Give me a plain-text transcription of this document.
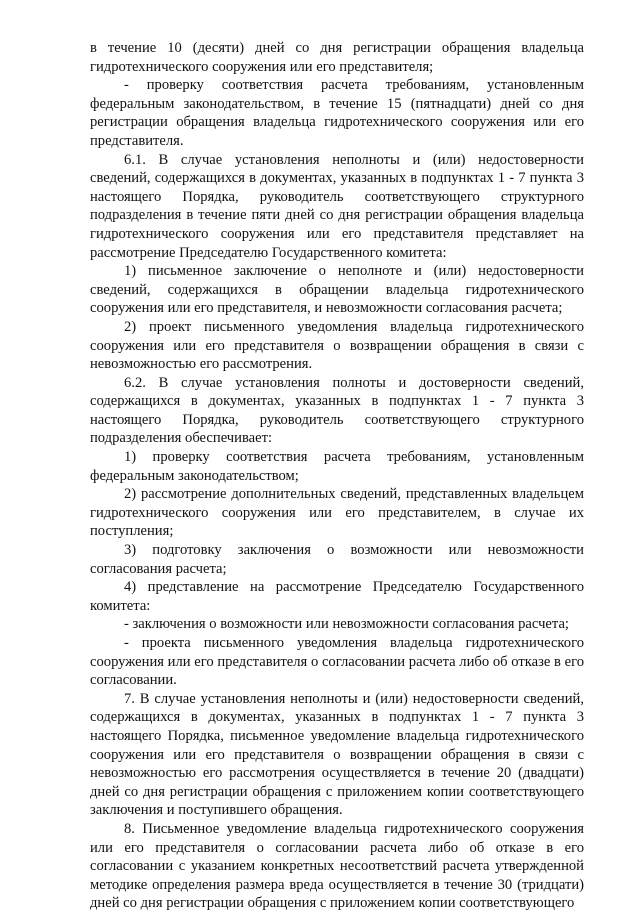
в течение 10 (десяти) дней со дня регистрации обращения владельца гидротехнического сооружения или его представителя;

- проверку соответствия расчета требованиям, установленным федеральным законодательством, в течение 15 (пятнадцати) дней со дня регистрации обращения владельца гидротехнического сооружения или его представителя.

6.1. В случае установления неполноты и (или) недостоверности сведений, содержащихся в документах, указанных в подпунктах 1 - 7 пункта 3 настоящего Порядка, руководитель соответствующего структурного подразделения в течение пяти дней со дня регистрации обращения владельца гидротехнического сооружения или его представителя представляет на рассмотрение Председателю Государственного комитета:

1) письменное заключение о неполноте и (или) недостоверности сведений, содержащихся в обращении владельца гидротехнического сооружения или его представителя, и невозможности согласования расчета;

2) проект письменного уведомления владельца гидротехнического сооружения или его представителя о возвращении обращения в связи с невозможностью его рассмотрения.

6.2. В случае установления полноты и достоверности сведений, содержащихся в документах, указанных в подпунктах 1 - 7 пункта 3 настоящего Порядка, руководитель соответствующего структурного подразделения обеспечивает:

1) проверку соответствия расчета требованиям, установленным федеральным законодательством;

2) рассмотрение дополнительных сведений, представленных владельцем гидротехнического сооружения или его представителем, в случае их поступления;

3) подготовку заключения о возможности или невозможности согласования расчета;

4) представление на рассмотрение Председателю Государственного комитета:

- заключения о возможности или невозможности согласования расчета;

- проекта письменного уведомления владельца гидротехнического сооружения или его представителя о согласовании расчета либо об отказе в его согласовании.

7. В случае установления неполноты и (или) недостоверности сведений, содержащихся в документах, указанных в подпунктах 1 - 7 пункта 3 настоящего Порядка, письменное уведомление владельца гидротехнического сооружения или его представителя о возвращении обращения в связи с невозможностью его рассмотрения осуществляется в течение 20 (двадцати) дней со дня регистрации обращения с приложением копии соответствующего заключения и поступившего обращения.

8. Письменное уведомление владельца гидротехнического сооружения или его представителя о согласовании расчета либо об отказе в его согласовании с указанием конкретных несоответствий расчета утвержденной методике определения размера вреда осуществляется в течение 30 (тридцати) дней со дня регистрации обращения с приложением копии соответствующего
